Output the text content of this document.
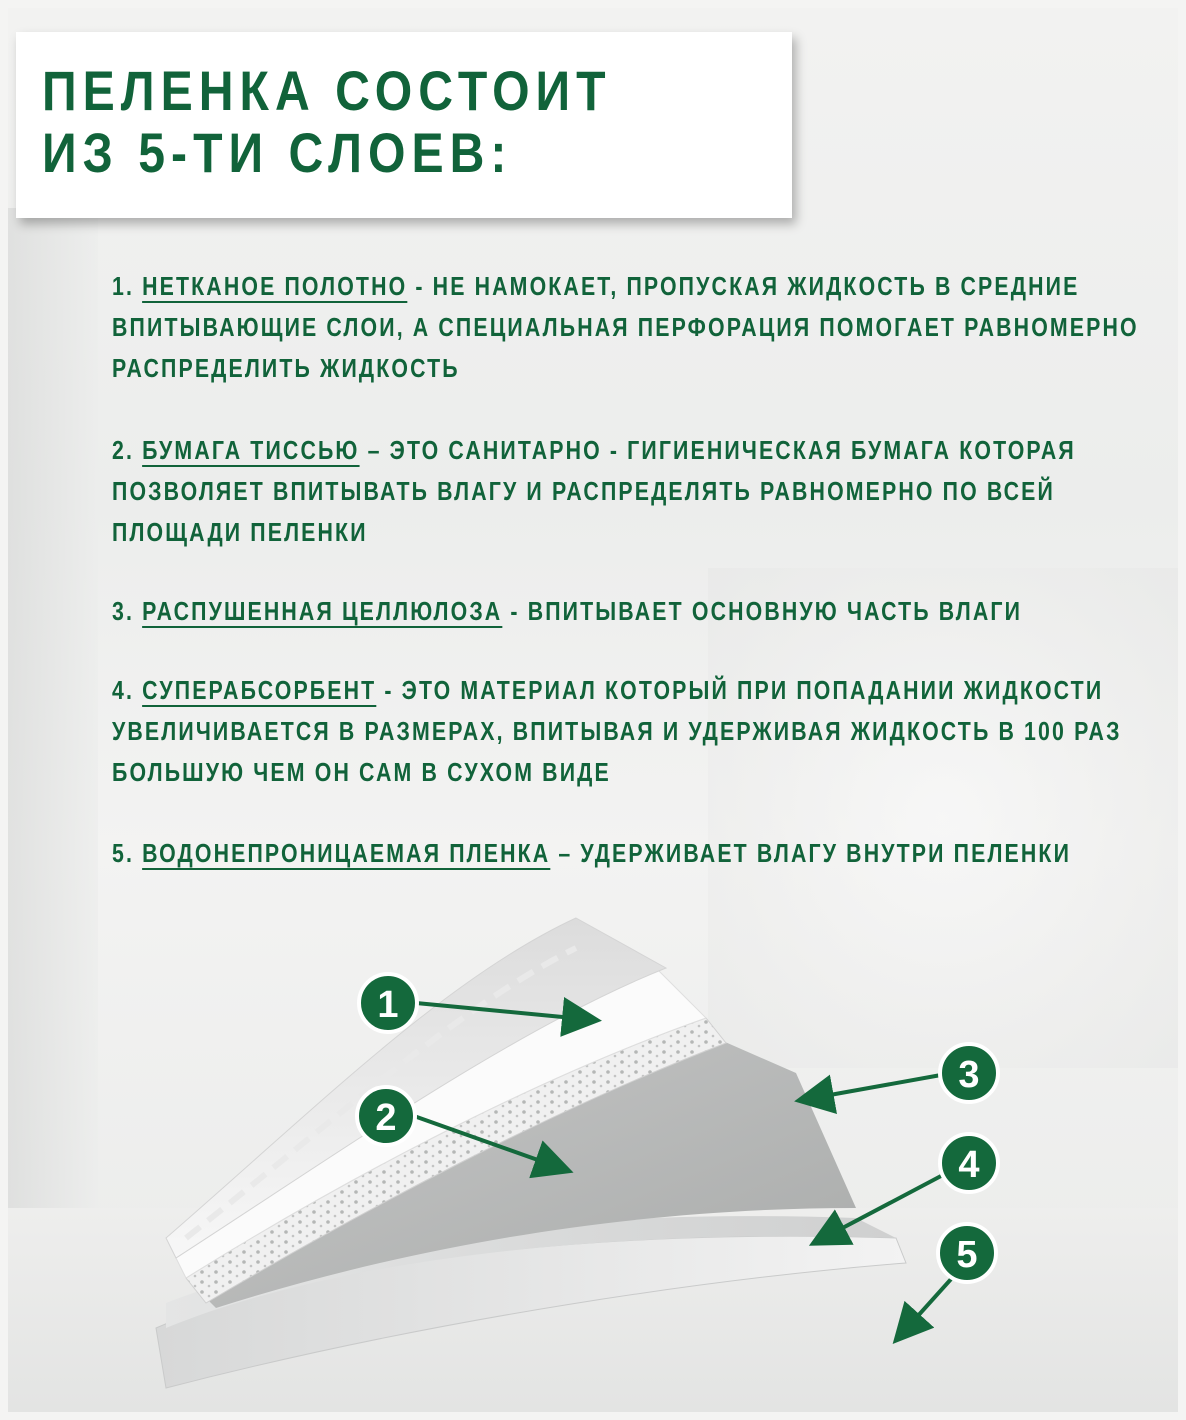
ПЕЛЕНКА СОСТОИТ ИЗ 5-ТИ СЛОЕВ:

1. НЕТКАНОЕ ПОЛОТНО - НЕ НАМОКАЕТ, ПРОПУСКАЯ ЖИДКОСТЬ В СРЕДНИЕ ВПИТЫВАЮЩИЕ СЛОИ, А СПЕЦИАЛЬНАЯ ПЕРФОРАЦИЯ ПОМОГАЕТ РАВНОМЕРНО РАСПРЕДЕЛИТЬ ЖИДКОСТЬ

2. БУМАГА ТИССЬЮ – ЭТО САНИТАРНО - ГИГИЕНИЧЕСКАЯ БУМАГА КОТОРАЯ ПОЗВОЛЯЕТ ВПИТЫВАТЬ ВЛАГУ И РАСПРЕДЕЛЯТЬ РАВНОМЕРНО ПО ВСЕЙ ПЛОЩАДИ ПЕЛЕНКИ

3. РАСПУШЕННАЯ ЦЕЛЛЮЛОЗА - ВПИТЫВАЕТ ОСНОВНУЮ ЧАСТЬ ВЛАГИ

4. СУПЕРАБСОРБЕНТ - ЭТО МАТЕРИАЛ КОТОРЫЙ ПРИ ПОПАДАНИИ ЖИДКОСТИ УВЕЛИЧИВАЕТСЯ В РАЗМЕРАХ, ВПИТЫВАЯ И УДЕРЖИВАЯ ЖИДКОСТЬ В 100 РАЗ БОЛЬШУЮ ЧЕМ ОН САМ В СУХОМ ВИДЕ

5. ВОДОНЕПРОНИЦАЕМАЯ ПЛЕНКА – УДЕРЖИВАЕТ ВЛАГУ ВНУТРИ ПЕЛЕНКИ

1
2
3
4
5
